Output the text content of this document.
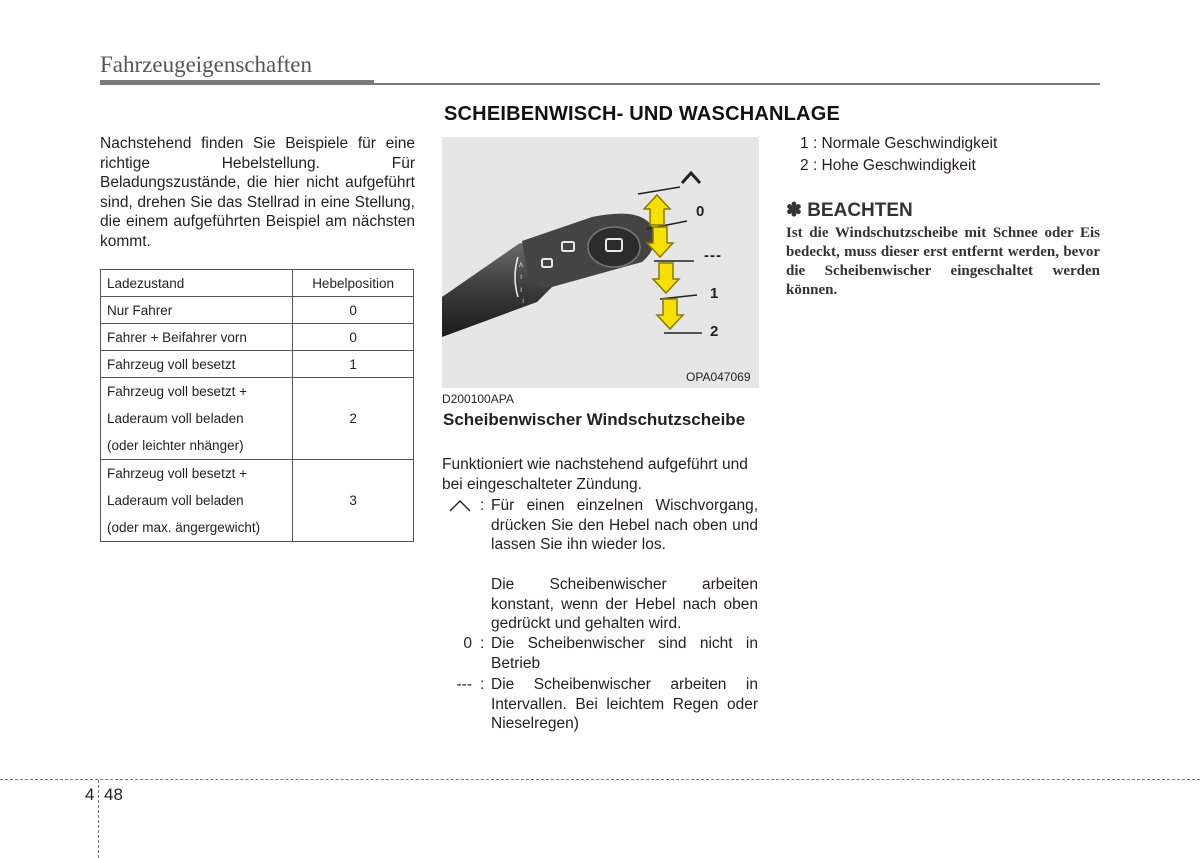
Fahrzeugeigenschaften
SCHEIBENWISCH- UND WASCHANLAGE
Nachstehend finden Sie Beispiele für eine richtige Hebelstellung. Für Beladungszustände, die hier nicht aufgeführt sind, drehen Sie das Stellrad in eine Stellung, die einem aufgeführten Beispiel am nächsten kommt.
Ladezustand	Hebelposition
Nur Fahrer	0
Fahrer + Beifahrer vorn	0
Fahrzeug voll besetzt	1

Fahrzeug voll besetzt +
Laderaum voll beladen
(oder leichter nhänger)	2

Fahrzeug voll besetzt +
Laderaum voll beladen
(oder max. ängergewicht)	3
∧
ı
ı
ı
0
---
1
2
OPA047069
D200100APA
Scheibenwischer Windschutzscheibe
Funktioniert wie nachstehend aufgeführt und bei eingeschalteter Zündung.
: Für einen einzelnen Wischvorgang, drücken Sie den Hebel nach oben und lassen Sie ihn wieder los.
Die Scheibenwischer arbeiten konstant, wenn der Hebel nach oben gedrückt und gehalten wird.
0 : Die Scheibenwischer sind nicht in Betrieb
--- : Die Scheibenwischer arbeiten in Intervallen. Bei leichtem Regen oder Nieselregen)
1 : Normale Geschwindigkeit
2 : Hohe Geschwindigkeit
✽ BEACHTEN
Ist die Windschutzscheibe mit Schnee oder Eis bedeckt, muss dieser erst entfernt werden, bevor die Scheibenwischer eingeschaltet werden können.
4 48
